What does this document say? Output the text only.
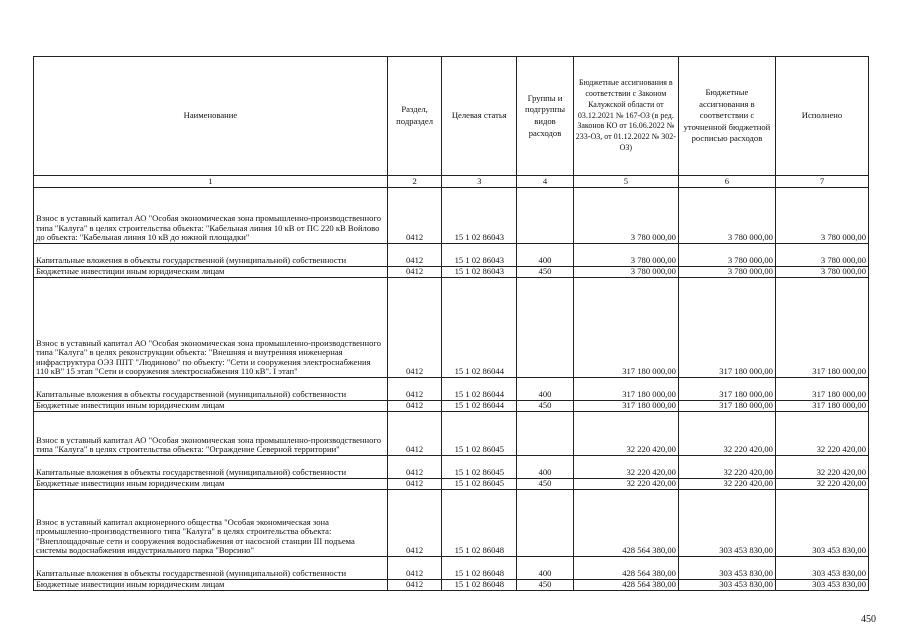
Наименование	Раздел, подраздел	Целевая статья	Группы и подгруппы видов расходов	Бюджетные ассигнования в соответствии с Законом Калужской области от 03.12.2021 № 167-ОЗ (в ред. Законов КО от 16.06.2022 № 233-ОЗ, от 01.12.2022 № 302-ОЗ)	Бюджетные ассигнования в соответствии с уточненной бюджетной росписью расходов	Исполнено
1	2	3	4	5	6	7
Взнос в уставный капитал АО "Особая экономическая зона промышленно-производственного типа "Калуга" в целях строительства объекта: "Кабельная линия 10 кВ от ПС 220 кВ Войлово до объекта: "Кабельная линия 10 кВ до южной площадки"	0412	15 1 02 86043		3 780 000,00	3 780 000,00	3 780 000,00
Капитальные вложения в объекты государственной (муниципальной) собственности	0412	15 1 02 86043	400	3 780 000,00	3 780 000,00	3 780 000,00
Бюджетные инвестиции иным юридическим лицам	0412	15 1 02 86043	450	3 780 000,00	3 780 000,00	3 780 000,00
Взнос в уставный капитал АО "Особая экономическая зона промышленно-производственного типа "Калуга" в целях реконструкции объекта: "Внешняя и внутренняя инженерная инфраструктура ОЭЗ ППТ "Людиново" по объекту: "Сети и сооружения электроснабжения 110 кВ" 15 этап "Сети и сооружения электроснабжения 110 кВ". I этап"	0412	15 1 02 86044		317 180 000,00	317 180 000,00	317 180 000,00
Капитальные вложения в объекты государственной (муниципальной) собственности	0412	15 1 02 86044	400	317 180 000,00	317 180 000,00	317 180 000,00
Бюджетные инвестиции иным юридическим лицам	0412	15 1 02 86044	450	317 180 000,00	317 180 000,00	317 180 000,00
Взнос в уставный капитал АО "Особая экономическая зона промышленно-производственного типа "Калуга" в целях строительства объекта: "Ограждение Северной территории"	0412	15 1 02 86045		32 220 420,00	32 220 420,00	32 220 420,00
Капитальные вложения в объекты государственной (муниципальной) собственности	0412	15 1 02 86045	400	32 220 420,00	32 220 420,00	32 220 420,00
Бюджетные инвестиции иным юридическим лицам	0412	15 1 02 86045	450	32 220 420,00	32 220 420,00	32 220 420,00
Взнос в уставный капитал акционерного общества "Особая экономическая зона промышленно-производственного типа "Калуга" в целях строительства объекта: "Внеплощадочные сети и сооружения водоснабжения от насосной станции III подъема системы водоснабжения индустриального парка "Ворсино"	0412	15 1 02 86048		428 564 380,00	303 453 830,00	303 453 830,00
Капитальные вложения в объекты государственной (муниципальной) собственности	0412	15 1 02 86048	400	428 564 380,00	303 453 830,00	303 453 830,00
Бюджетные инвестиции иным юридическим лицам	0412	15 1 02 86048	450	428 564 380,00	303 453 830,00	303 453 830,00
450
